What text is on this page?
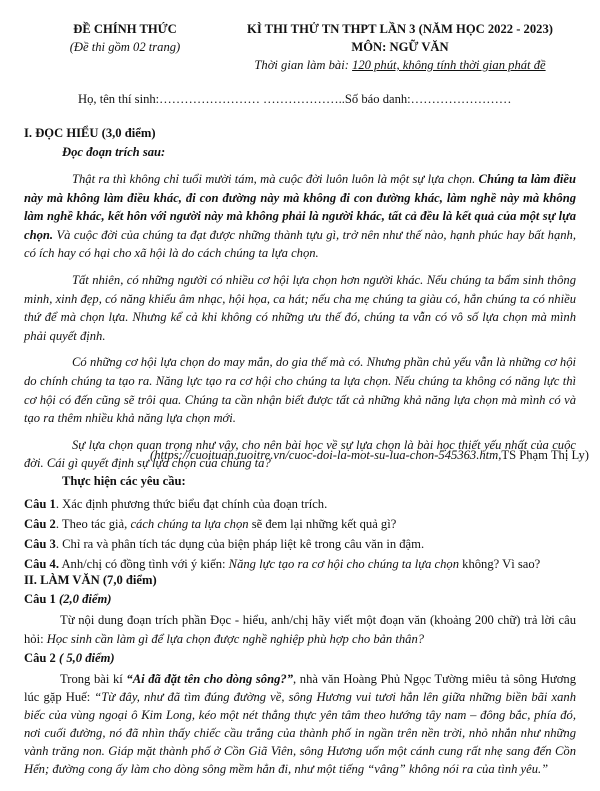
ĐỀ CHÍNH THỨC
(Đề thi gồm 02 trang)
KÌ THI THỬ TN THPT LẦN 3 (NĂM HỌC 2022 - 2023)
MÔN: NGỮ VĂN
Thời gian làm bài: 120 phút, không tính thời gian phát đề
Họ, tên thí sinh:…………………… ………………..Số báo danh:……………………
I. ĐỌC HIỂU (3,0 điểm)
Đọc đoạn trích sau:

Thật ra thì không chỉ tuổi mười tám, mà cuộc đời luôn luôn là một sự lựa chọn. Chúng ta làm điều này mà không làm điều khác, đi con đường này mà không đi con đường khác, làm nghề này mà không làm nghề khác, kết hôn với người này mà không phải là người khác, tất cả đều là kết quả của một sự lựa chọn. Và cuộc đời của chúng ta đạt được những thành tựu gì, trở nên như thế nào, hạnh phúc hay bất hạnh, có ích hay có hại cho xã hội là do cách chúng ta lựa chọn.

Tất nhiên, có những người có nhiều cơ hội lựa chọn hơn người khác. Nếu chúng ta bẩm sinh thông minh, xinh đẹp, có năng khiếu âm nhạc, hội họa, ca hát; nếu cha mẹ chúng ta giàu có, hẳn chúng ta có nhiều thứ để mà chọn lựa. Nhưng kể cả khi không có những ưu thế đó, chúng ta vẫn có vô số lựa chọn mà mình phải quyết định.

Có những cơ hội lựa chọn do may mắn, do gia thế mà có. Nhưng phần chủ yếu vẫn là những cơ hội do chính chúng ta tạo ra. Năng lực tạo ra cơ hội cho chúng ta lựa chọn. Nếu chúng ta không có năng lực thì cơ hội có đến cũng sẽ trôi qua. Chúng ta cần nhận biết được tất cả những khả năng lựa chọn mà mình có và tạo ra thêm nhiều khả năng lựa chọn mới.

Sự lựa chọn quan trọng như vậy, cho nên bài học về sự lựa chọn là bài học thiết yếu nhất của cuộc đời. Cái gì quyết định sự lựa chọn của chúng ta?

(https://cuoituan.tuoitre.vn/cuoc-doi-la-mot-su-lua-chon-545363.htm,TS Phạm Thị Ly)
Thực hiện các yêu cầu:

Câu 1. Xác định phương thức biểu đạt chính của đoạn trích.

Câu 2. Theo tác giả, cách chúng ta lựa chọn sẽ đem lại những kết quả gì?

Câu 3. Chỉ ra và phân tích tác dụng của biện pháp liệt kê trong câu văn in đậm.

Câu 4. Anh/chị có đồng tình với ý kiến: Năng lực tạo ra cơ hội cho chúng ta lựa chọn không? Vì sao?

II. LÀM VĂN (7,0 điểm)
Câu 1 (2,0 điểm)
Từ nội dung đoạn trích phần Đọc - hiểu, anh/chị hãy viết một đoạn văn (khoảng 200 chữ) trả lời câu hỏi: Học sinh cần làm gì để lựa chọn được nghề nghiệp phù hợp cho bản thân?
Câu 2 ( 5,0 điểm)
Trong bài kí “Ai đã đặt tên cho dòng sông?”, nhà văn Hoàng Phủ Ngọc Tường miêu tả sông Hương lúc gặp Huế: “Từ đây, như đã tìm đúng đường về, sông Hương vui tươi hẳn lên giữa những biền bãi xanh biếc của vùng ngoại ô Kim Long, kéo một nét thẳng thực yên tâm theo hướng tây nam – đông bắc, phía đó, nơi cuối đường, nó đã nhìn thấy chiếc cầu trắng của thành phố in ngần trên nền trời, nhỏ nhắn như những vành trăng non. Giáp mặt thành phố ở Cồn Giã Viên, sông Hương uốn một cánh cung rất nhẹ sang đến Cồn Hến; đường cong ấy làm cho dòng sông mềm hẳn đi, như một tiếng “vâng” không nói ra của tình yêu.”
